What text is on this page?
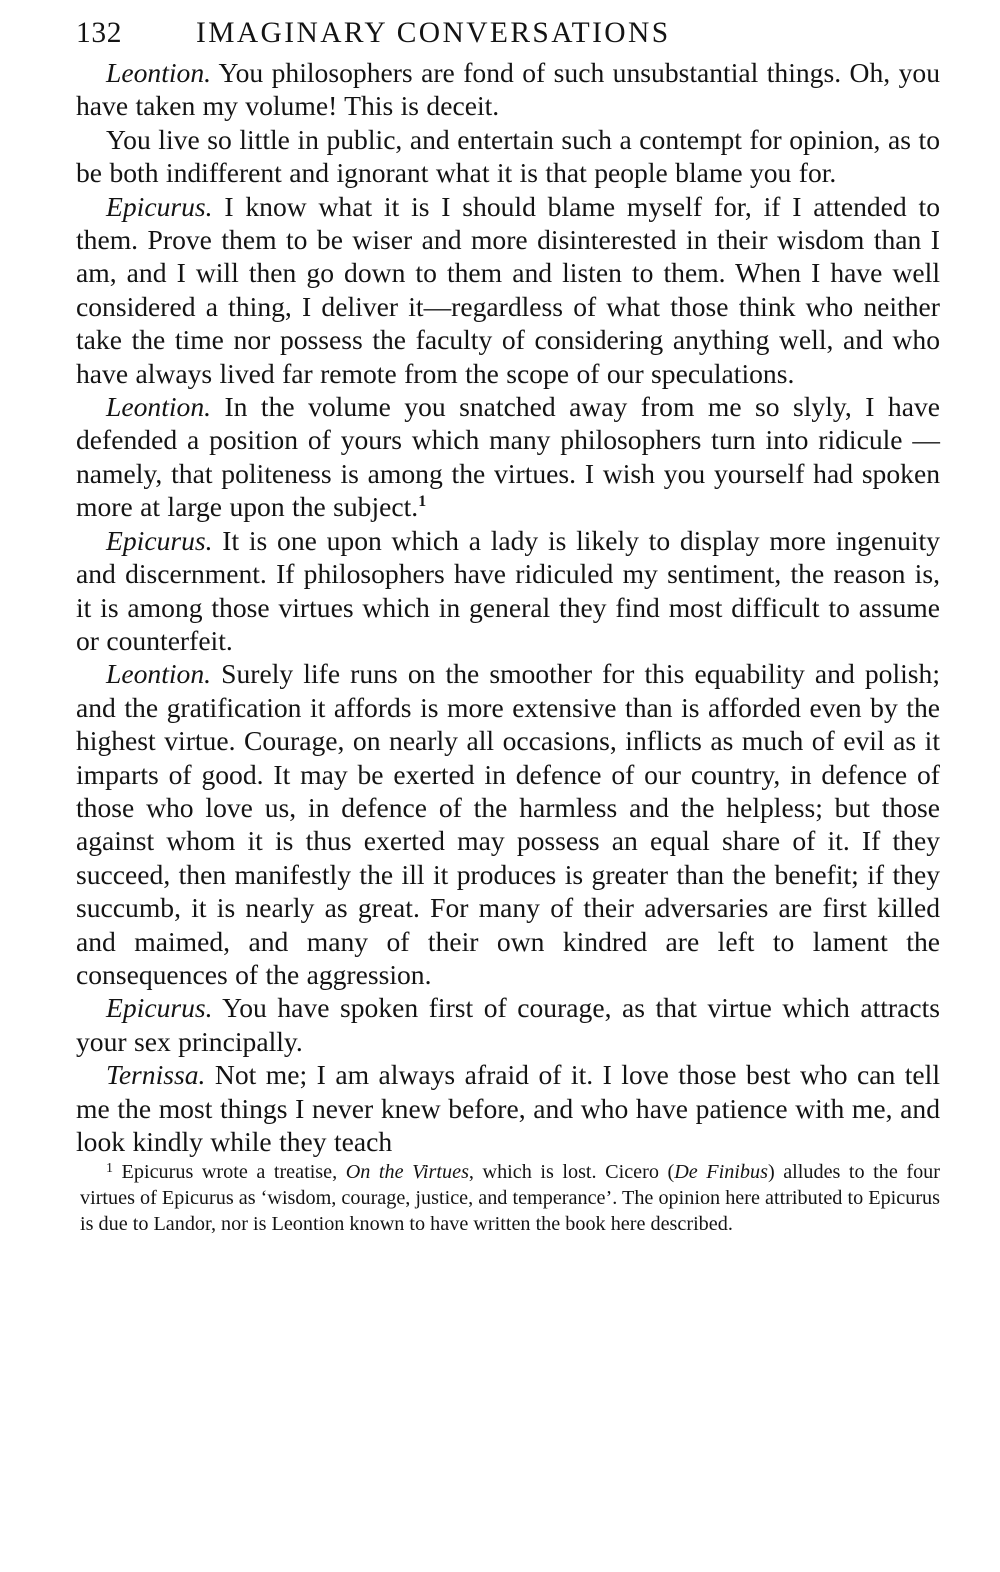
132	IMAGINARY CONVERSATIONS

Leontion. You philosophers are fond of such unsubstantial things. Oh, you have taken my volume! This is deceit.

You live so little in public, and entertain such a contempt for opinion, as to be both indifferent and ignorant what it is that people blame you for.

Epicurus. I know what it is I should blame myself for, if I attended to them. Prove them to be wiser and more disinterested in their wisdom than I am, and I will then go down to them and listen to them. When I have well considered a thing, I deliver it—regardless of what those think who neither take the time nor possess the faculty of considering anything well, and who have always lived far remote from the scope of our speculations.

Leontion. In the volume you snatched away from me so slyly, I have defended a position of yours which many philosophers turn into ridicule — namely, that politeness is among the virtues. I wish you yourself had spoken more at large upon the subject.$^1$

Epicurus. It is one upon which a lady is likely to display more ingenuity and discernment. If philosophers have ridiculed my sentiment, the reason is, it is among those virtues which in general they find most difficult to assume or counterfeit.

Leontion. Surely life runs on the smoother for this equability and polish; and the gratification it affords is more extensive than is afforded even by the highest virtue. Courage, on nearly all occasions, inflicts as much of evil as it imparts of good. It may be exerted in defence of our country, in defence of those who love us, in defence of the harmless and the helpless; but those against whom it is thus exerted may possess an equal share of it. If they succeed, then manifestly the ill it produces is greater than the benefit; if they succumb, it is nearly as great. For many of their adversaries are first killed and maimed, and many of their own kindred are left to lament the consequences of the aggression.

Epicurus. You have spoken first of courage, as that virtue which attracts your sex principally.

Ternissa. Not me; I am always afraid of it. I love those best who can tell me the most things I never knew before, and who have patience with me, and look kindly while they teach

$^1$ Epicurus wrote a treatise, On the Virtues, which is lost. Cicero (De Finibus) alludes to the four virtues of Epicurus as ‘wisdom, courage, justice, and temperance’. The opinion here attributed to Epicurus is due to Landor, nor is Leontion known to have written the book here described.
